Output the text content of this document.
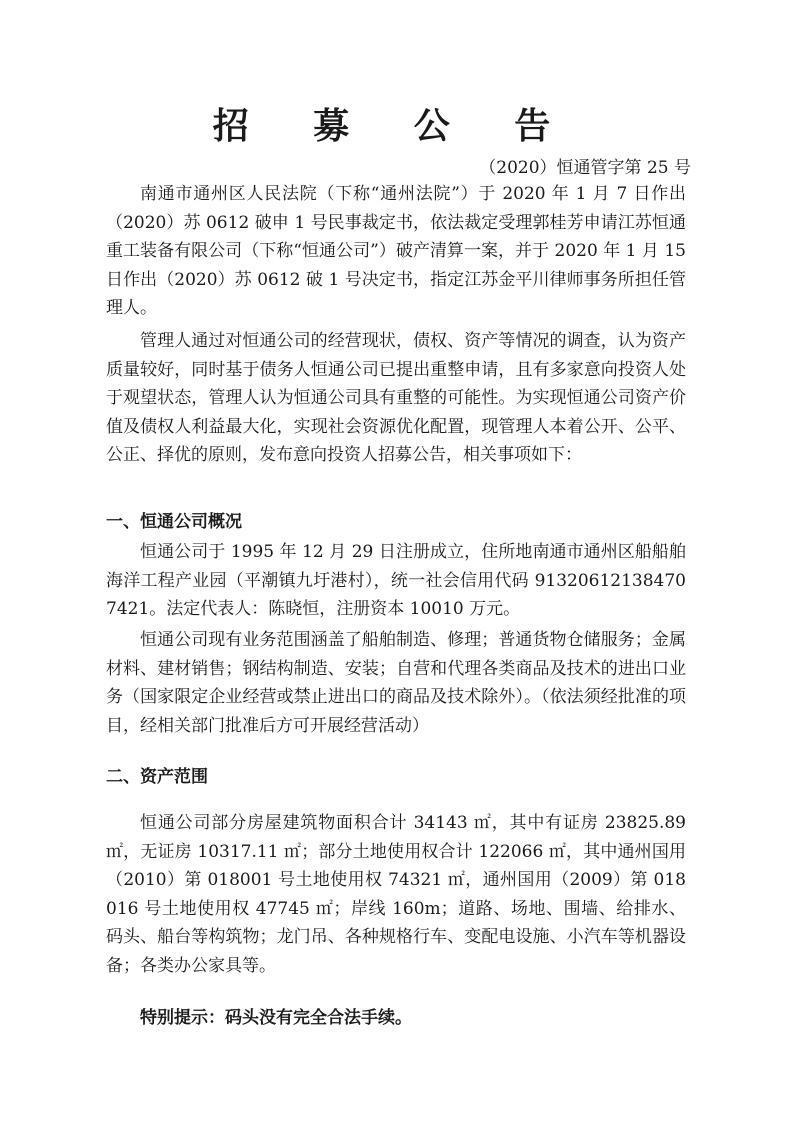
招 募 公 告
（2020）恒通管字第 25 号

南通市通州区人民法院（下称“通州法院”）于 2020 年 1 月 7 日作出（2020）苏 0612 破申 1 号民事裁定书，依法裁定受理郭桂芳申请江苏恒通重工装备有限公司（下称“恒通公司”）破产清算一案，并于 2020 年 1 月 15 日作出（2020）苏 0612 破 1 号决定书，指定江苏金平川律师事务所担任管理人。

管理人通过对恒通公司的经营现状，债权、资产等情况的调查，认为资产质量较好，同时基于债务人恒通公司已提出重整申请，且有多家意向投资人处于观望状态，管理人认为恒通公司具有重整的可能性。为实现恒通公司资产价值及债权人利益最大化，实现社会资源优化配置，现管理人本着公开、公平、公正、择优的原则，发布意向投资人招募公告，相关事项如下：

一、恒通公司概况

恒通公司于 1995 年 12 月 29 日注册成立，住所地南通市通州区船船舶海洋工程产业园（平潮镇九圩港村），统一社会信用代码 913206121384707421。法定代表人：陈晓恒，注册资本 10010 万元。

恒通公司现有业务范围涵盖了船舶制造、修理；普通货物仓储服务；金属材料、建材销售；钢结构制造、安装；自营和代理各类商品及技术的进出口业务（国家限定企业经营或禁止进出口的商品及技术除外）。（依法须经批准的项目，经相关部门批准后方可开展经营活动）

二、资产范围

恒通公司部分房屋建筑物面积合计 34143 ㎡，其中有证房 23825.89 ㎡，无证房 10317.11 ㎡；部分土地使用权合计 122066 ㎡，其中通州国用（2010）第 018001 号土地使用权 74321 ㎡，通州国用（2009）第 018016 号土地使用权 47745 ㎡；岸线 160m；道路、场地、围墙、给排水、码头、船台等构筑物；龙门吊、各种规格行车、变配电设施、小汽车等机器设备；各类办公家具等。

特别提示：码头没有完全合法手续。
